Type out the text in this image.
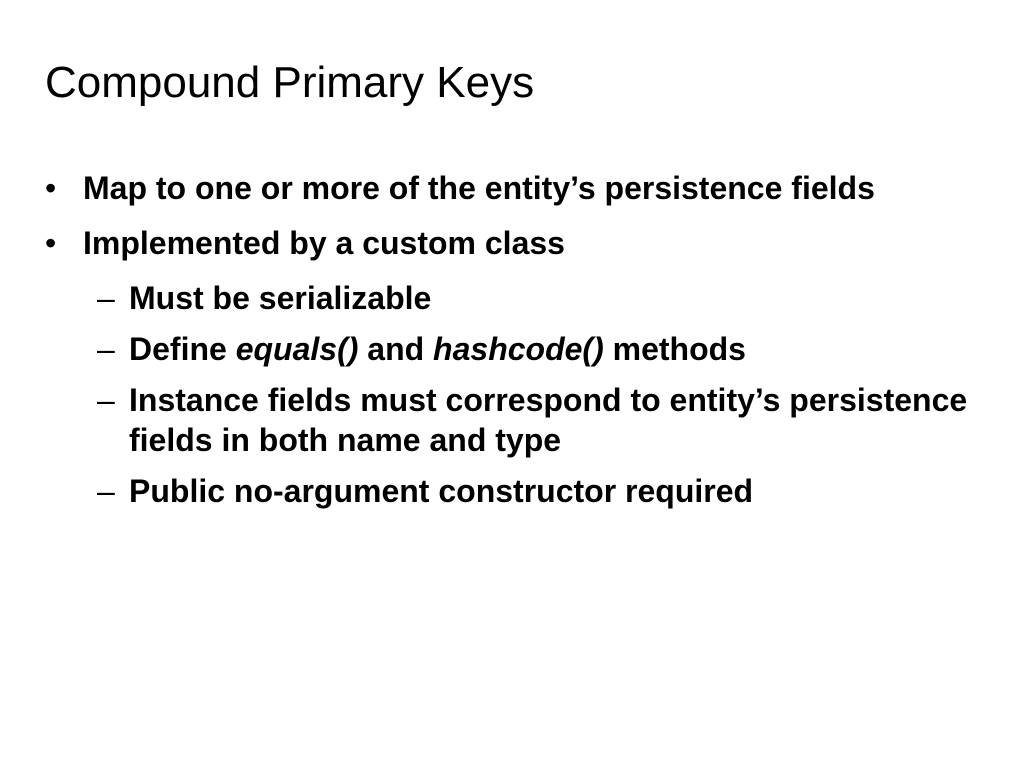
Compound Primary Keys
• Map to one or more of the entity’s persistence fields
• Implemented by a custom class
– Must be serializable
– Define equals() and hashcode() methods
– Instance fields must correspond to entity’s persistence fields in both name and type
– Public no-argument constructor required
